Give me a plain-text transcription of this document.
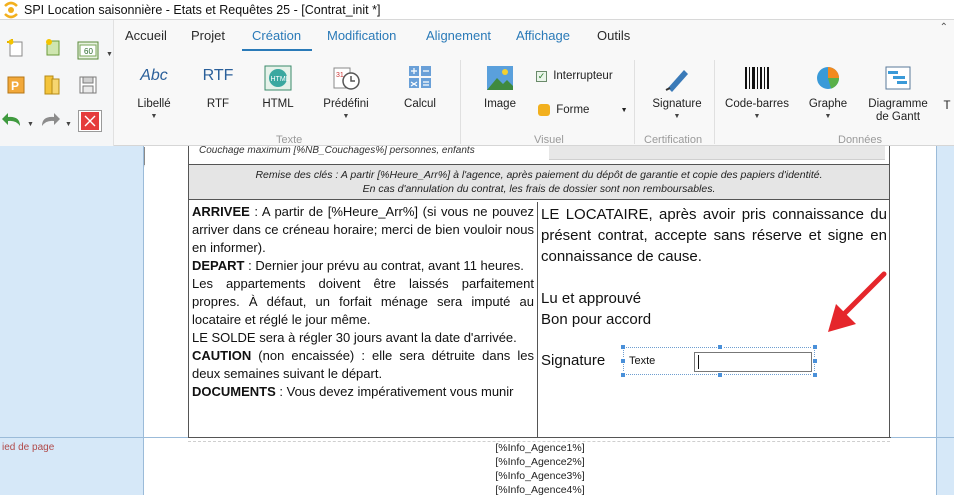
SPI Location saisonnière - Etats et Requêtes 25 - [Contrat_init *]
60 ▼
P
▼	▼
Accueil Projet Création Modification Alignement Affichage Outils
⌃
Abc
Libellé
▼
RTF
RTF
HTML
HTML
31
Prédéfini
▼
Calcul
Texte
Image
✓ Interrupteur
Forme	▼
Visuel
Signature
▼
Certification
Code-barres
▼
Graphe
▼
Diagramme
de Gantt
T
Données
ied de page
Couchage maximum [%NB_Couchages%] personnes, enfants
Remise des clés : A partir [%Heure_Arr%] à l'agence, après paiement du dépôt de garantie et copie des papiers d'identité.
En cas d'annulation du contrat, les frais de dossier sont non remboursables.
ARRIVEE : A partir de [%Heure_Arr%] (si vous ne pouvez arriver dans ce créneau horaire; merci de bien vouloir nous en informer).
DEPART : Dernier jour prévu au contrat, avant 11 heures.
Les appartements doivent être laissés parfaitement propres. À défaut, un forfait ménage sera imputé au locataire et réglé le jour même.
LE SOLDE sera à régler 30 jours avant la date d'arrivée.
CAUTION (non encaissée) : elle sera détruite dans les deux semaines suivant le départ.
DOCUMENTS : Vous devez impérativement vous munir
LE LOCATAIRE, après avoir pris connaissance du présent contrat, accepte sans réserve et signe en connaissance de cause.
Lu et approuvé
Bon pour accord
Signature Texte
[%Info_Agence1%]
[%Info_Agence2%]
[%Info_Agence3%]
[%Info_Agence4%]
